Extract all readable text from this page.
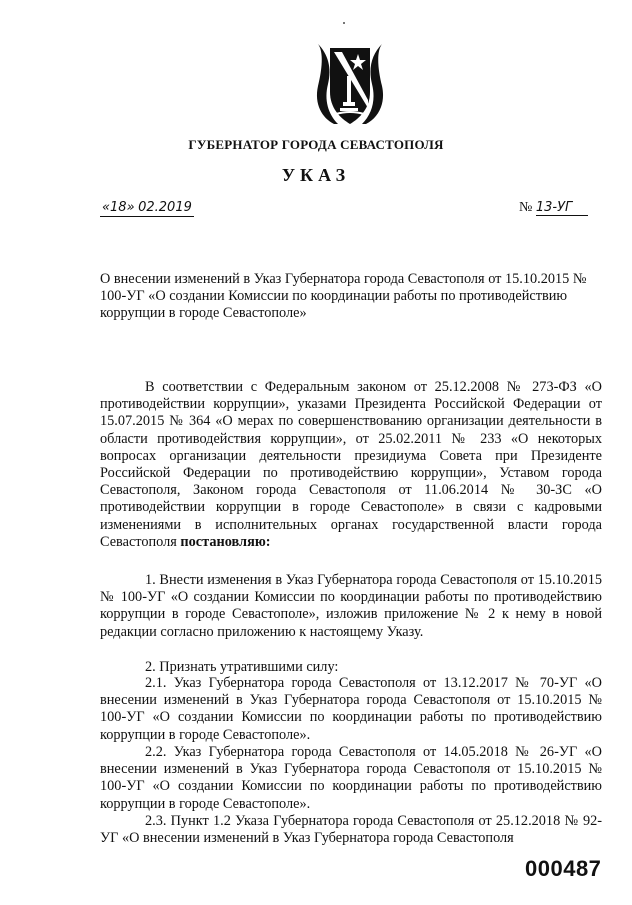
ГУБЕРНАТОР ГОРОДА СЕВАСТОПОЛЯ
УКАЗ
«18» 02.2019	№ 13-УГ

О внесении изменений в Указ Губернатора города Севастополя от 15.10.2015 № 100-УГ «О создании Комиссии по координации работы по противодействию коррупции в городе Севастополе»

В соответствии с Федеральным законом от 25.12.2008 № 273-ФЗ «О противодействии коррупции», указами Президента Российской Федерации от 15.07.2015 № 364 «О мерах по совершенствованию организации деятельности в области противодействия коррупции», от 25.02.2011 № 233 «О некоторых вопросах организации деятельности президиума Совета при Президенте Российской Федерации по противодействию коррупции», Уставом города Севастополя, Законом города Севастополя от 11.06.2014 № 30-ЗС «О противодействии коррупции в городе Севастополе» в связи с кадровыми изменениями в исполнительных органах государственной власти города Севастополя постановляю:

1. Внести изменения в Указ Губернатора города Севастополя от 15.10.2015 № 100-УГ «О создании Комиссии по координации работы по противодействию коррупции в городе Севастополе», изложив приложение № 2 к нему в новой редакции согласно приложению к настоящему Указу.

2. Признать утратившими силу:

2.1. Указ Губернатора города Севастополя от 13.12.2017 № 70-УГ «О внесении изменений в Указ Губернатора города Севастополя от 15.10.2015 № 100-УГ «О создании Комиссии по координации работы по противодействию коррупции в городе Севастополе».

2.2. Указ Губернатора города Севастополя от 14.05.2018 № 26-УГ «О внесении изменений в Указ Губернатора города Севастополя от 15.10.2015 № 100-УГ «О создании Комиссии по координации работы по противодействию коррупции в городе Севастополе».

2.3. Пункт 1.2 Указа Губернатора города Севастополя от 25.12.2018 № 92-УГ «О внесении изменений в Указ Губернатора города Севастополя

000487
